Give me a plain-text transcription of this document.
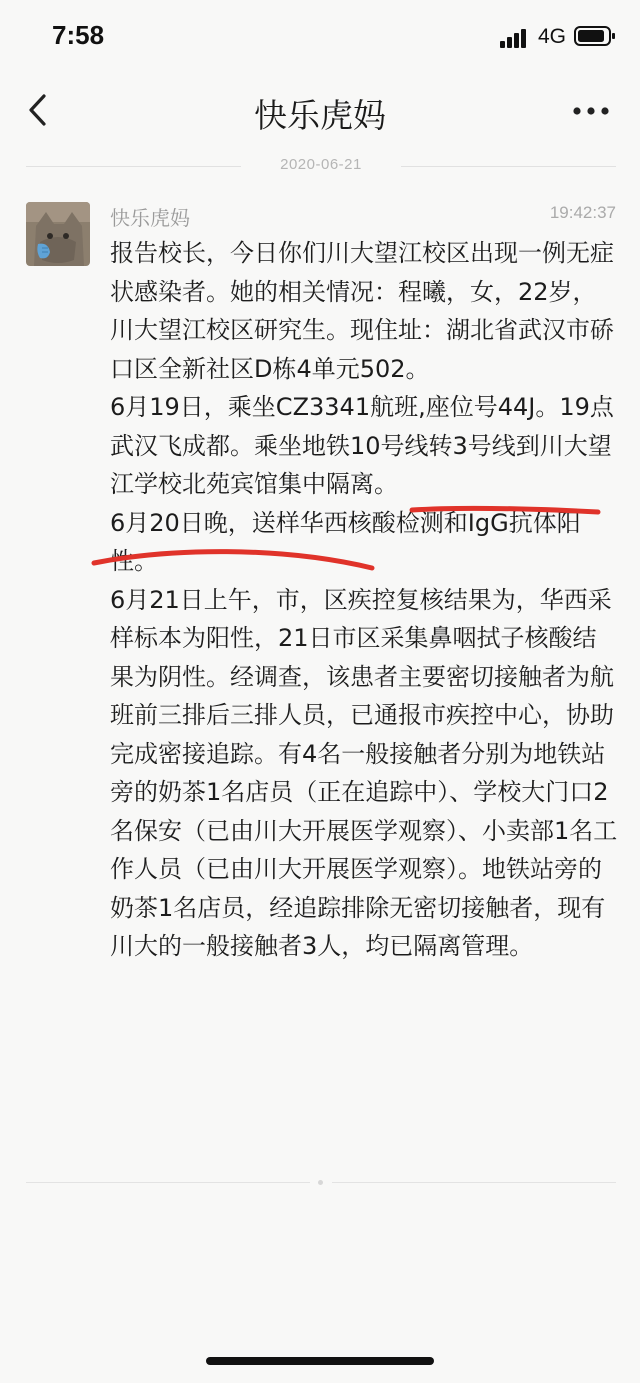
7:58	4G
快乐虎妈
2020-06-21
快乐虎妈	19:42:37

报告校长，今日你们川大望江校区出现一例无症状感染者。她的相关情况：程曦，女，22岁，川大望江校区研究生。现住址：湖北省武汉市硚口区全新社区D栋4单元502。

6月19日，乘坐CZ3341航班,座位号44J。19点武汉飞成都。乘坐地铁10号线转3号线到川大望江学校北苑宾馆集中隔离。

6月20日晚，送样华西核酸检测和IgG抗体阳性。

6月21日上午，市，区疾控复核结果为，华西采样标本为阳性，21日市区采集鼻咽拭子核酸结果为阴性。经调查，该患者主要密切接触者为航班前三排后三排人员，已通报市疾控中心，协助完成密接追踪。有4名一般接触者分别为地铁站旁的奶茶1名店员（正在追踪中）、学校大门口2名保安（已由川大开展医学观察）、小卖部1名工作人员（已由川大开展医学观察）。地铁站旁的奶茶1名店员，经追踪排除无密切接触者，现有川大的一般接触者3人，均已隔离管理。
